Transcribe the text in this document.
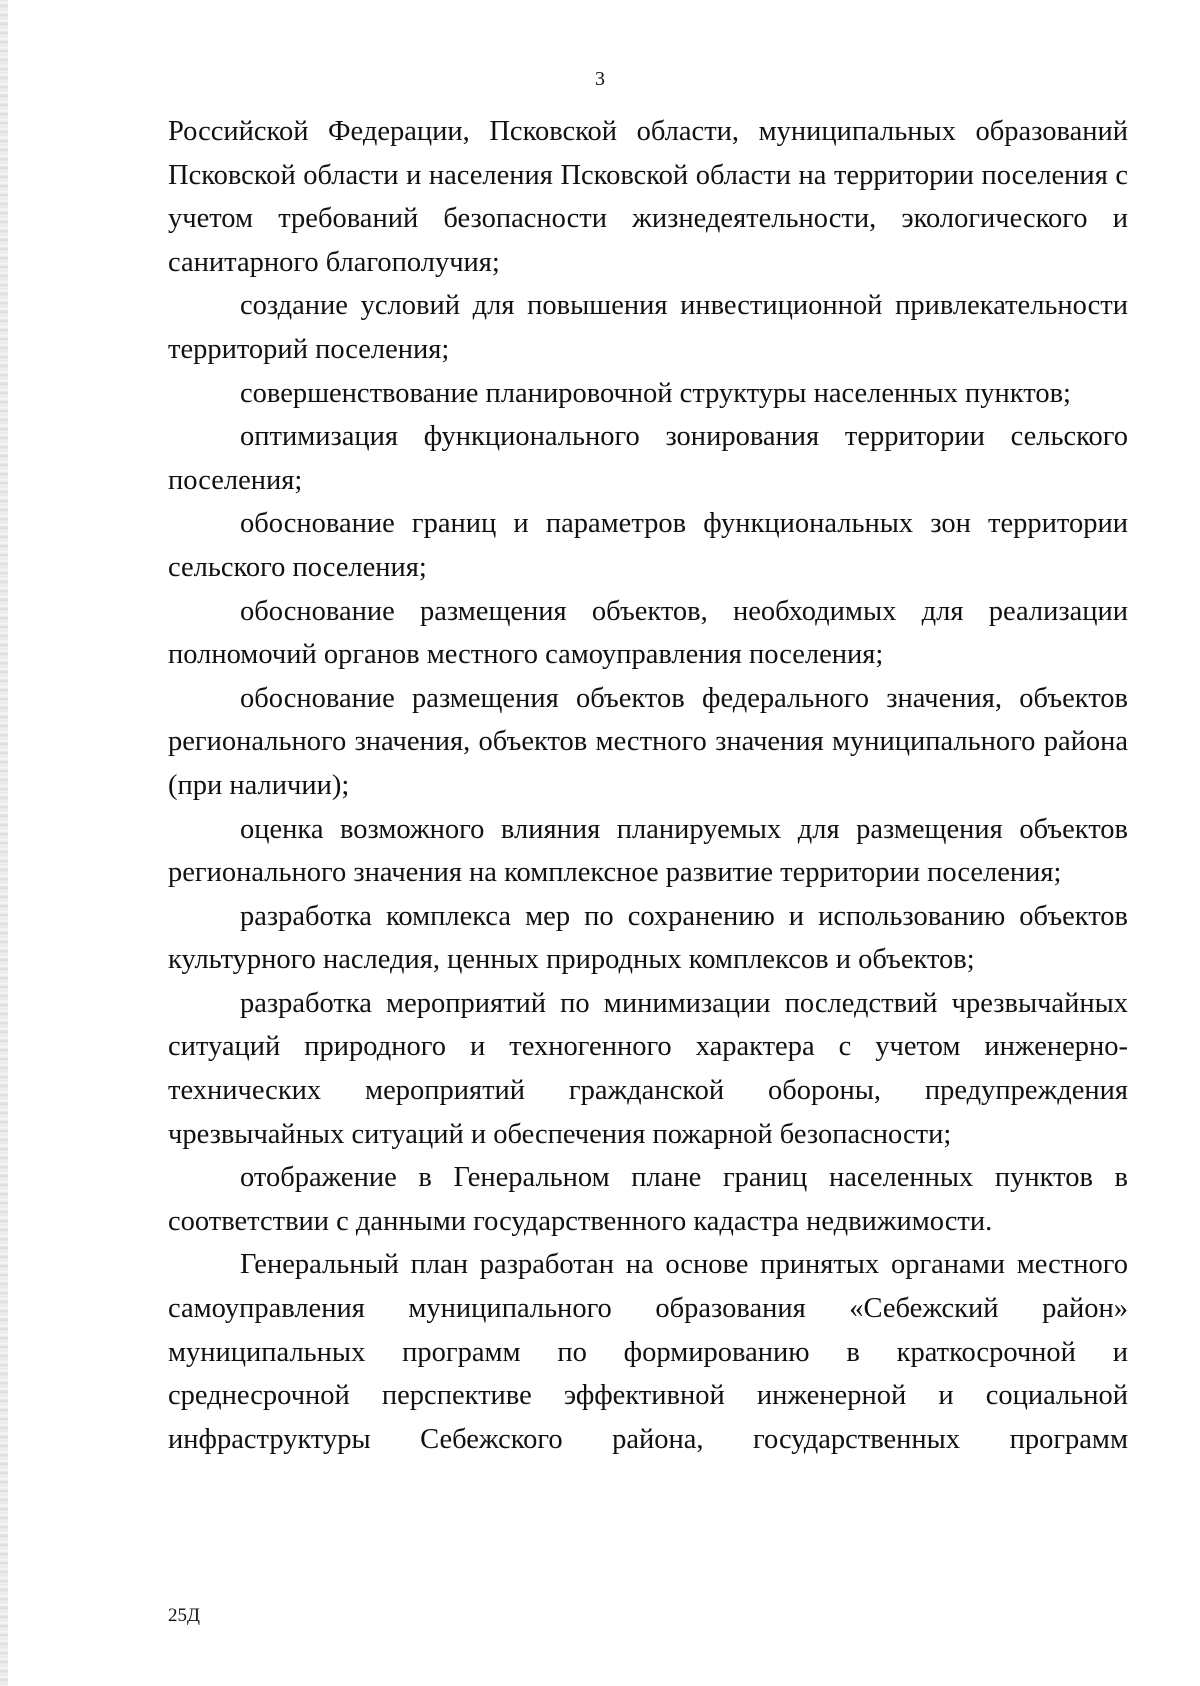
3

Российской Федерации, Псковской области, муниципальных образований Псковской области и населения Псковской области на территории поселения с учетом требований безопасности жизнедеятельности, экологического и санитарного благополучия;

создание условий для повышения инвестиционной привлекательности территорий поселения;

совершенствование планировочной структуры населенных пунктов;

оптимизация функционального зонирования территории сельского поселения;

обоснование границ и параметров функциональных зон территории сельского поселения;

обоснование размещения объектов, необходимых для реализации полномочий органов местного самоуправления поселения;

обоснование размещения объектов федерального значения, объектов регионального значения, объектов местного значения муниципального района (при наличии);

оценка возможного влияния планируемых для размещения объектов регионального значения на комплексное развитие территории поселения;

разработка комплекса мер по сохранению и использованию объектов культурного наследия, ценных природных комплексов и объектов;

разработка мероприятий по минимизации последствий чрезвычайных ситуаций природного и техногенного характера с учетом инженерно-технических мероприятий гражданской обороны, предупреждения чрезвычайных ситуаций и обеспечения пожарной безопасности;

отображение в Генеральном плане границ населенных пунктов в соответствии с данными государственного кадастра недвижимости.

Генеральный план разработан на основе принятых органами местного самоуправления муниципального образования «Себежский район» муниципальных программ по формированию в краткосрочной и среднесрочной перспективе эффективной инженерной и социальной инфраструктуры Себежского района, государственных программ

25Д
